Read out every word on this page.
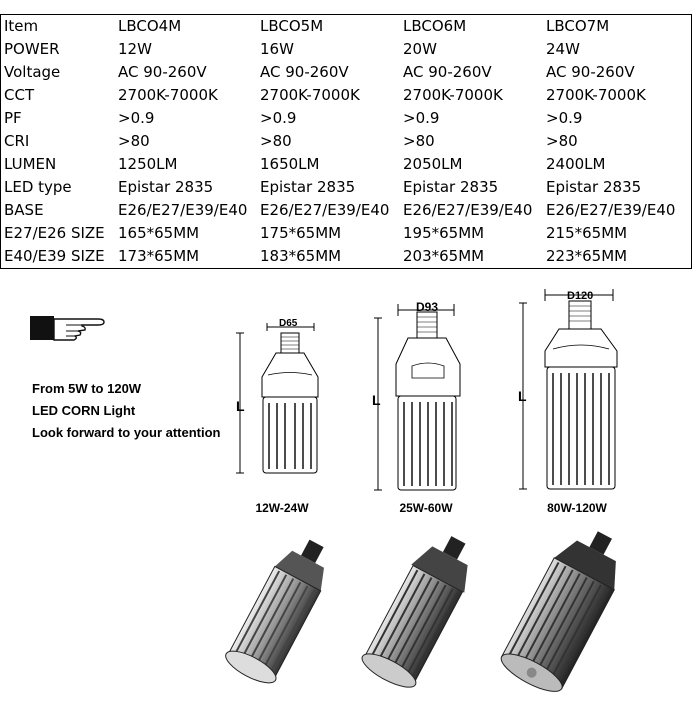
Item	LBCO4M	LBCO5M	LBCO6M	LBCO7M
POWER	12W	16W	20W	24W
Voltage	AC 90-260V	AC 90-260V	AC 90-260V	AC 90-260V
CCT	2700K-7000K	2700K-7000K	2700K-7000K	2700K-7000K
PF	>0.9	>0.9	>0.9	>0.9
CRI	>80	>80	>80	>80
LUMEN	1250LM	1650LM	2050LM	2400LM
LED type	Epistar 2835	Epistar 2835	Epistar 2835	Epistar 2835
BASE	E26/E27/E39/E40 E26/E27/E39/E40 E26/E27/E39/E40 E26/E27/E39/E40
E27/E26 SIZE 165*65MM	175*65MM	195*65MM	215*65MM
E40/E39 SIZE 173*65MM	183*65MM	203*65MM	223*65MM
From 5W to 120W
LED CORN Light
Look forward to your attention
D65
L
12W-24W
D93
L
25W-60W
D120
L
80W-120W
